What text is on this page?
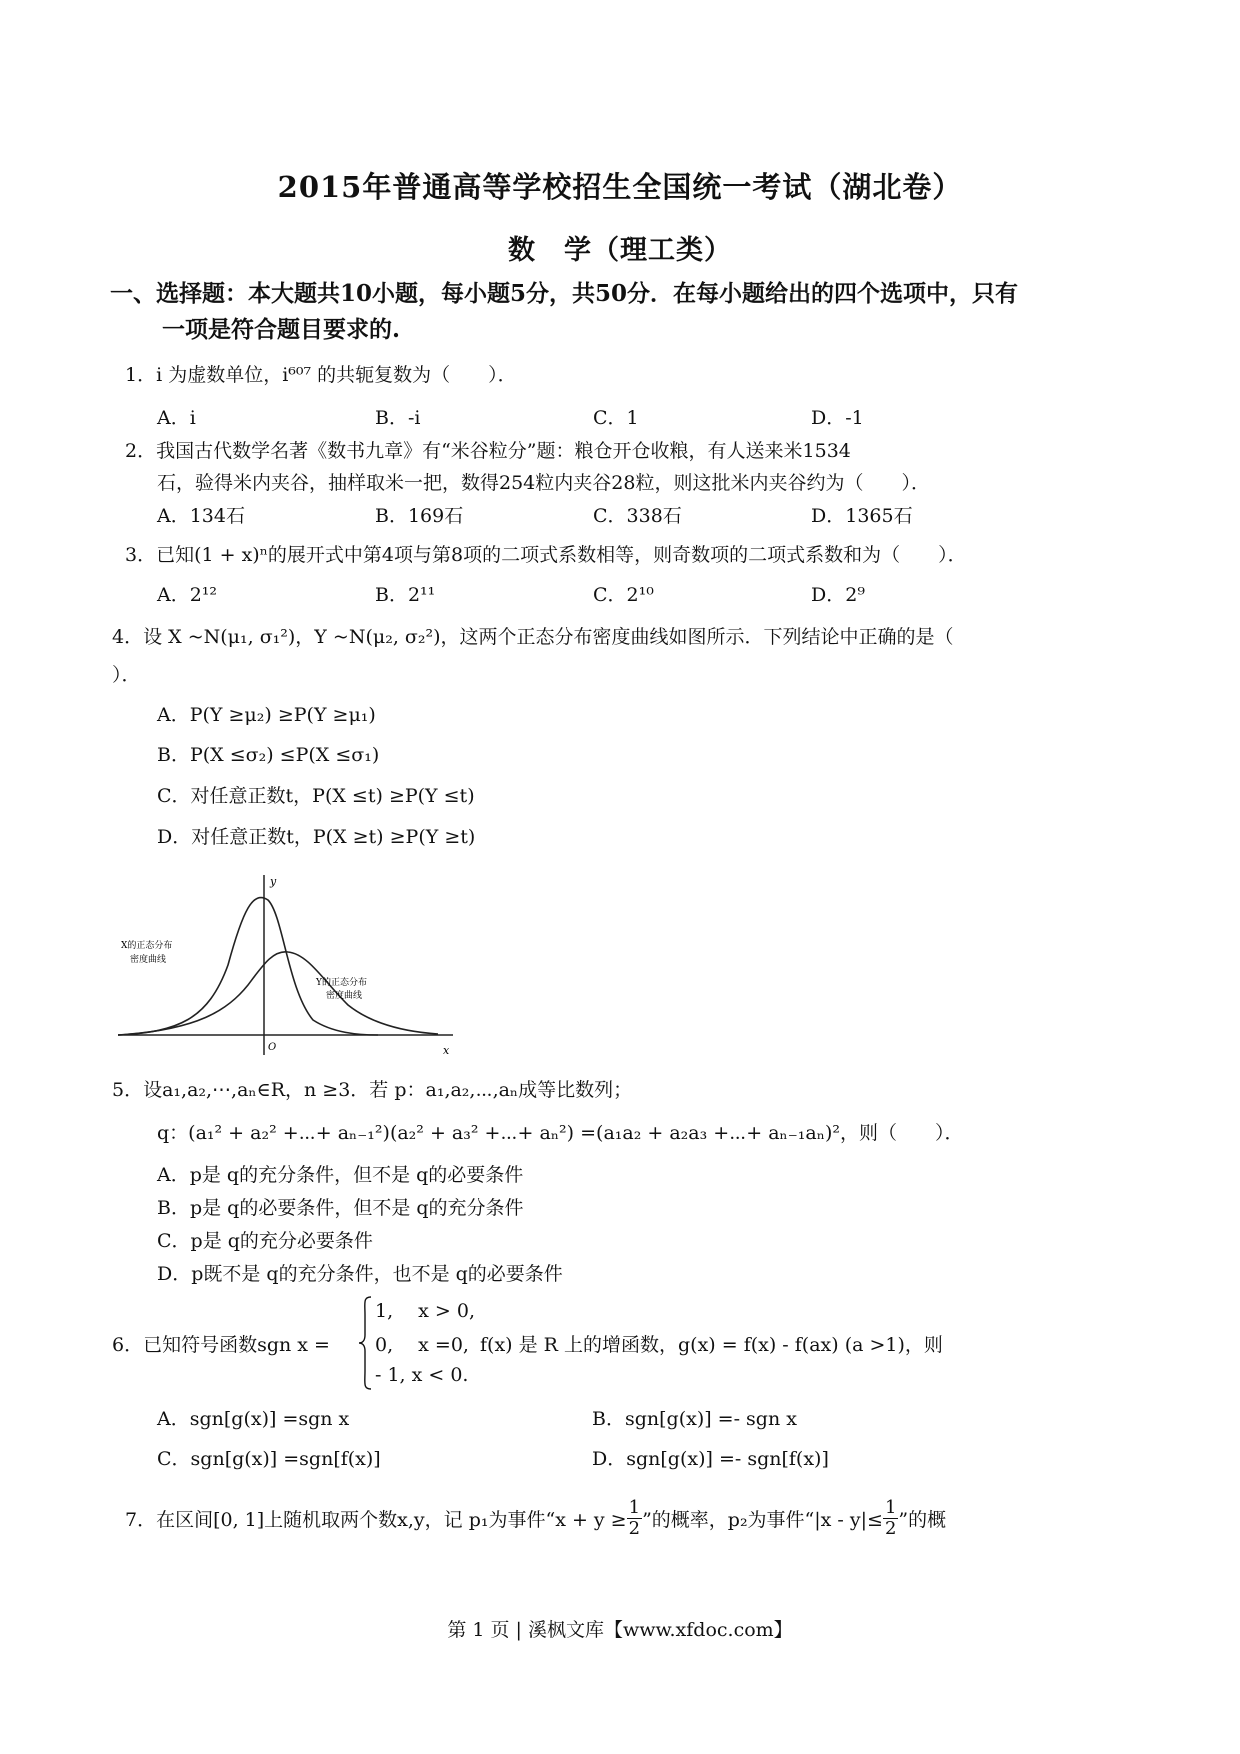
2015年普通高等学校招生全国统一考试（湖北卷）
数　学（理工类）
一、选择题：本大题共10小题，每小题5分，共50分．在每小题给出的四个选项中，只有
一项是符合题目要求的.
1．i 为虚数单位，i⁶⁰⁷ 的共轭复数为（　　）．
A．i	B．-i	C．1	D．-1
2．我国古代数学名著《数书九章》有“米谷粒分”题：粮仓开仓收粮，有人送来米1534
石，验得米内夹谷，抽样取米一把，数得254粒内夹谷28粒，则这批米内夹谷约为（　　）．
A．134石	B．169石	C．338石	D．1365石
3．已知(1 + x)ⁿ的展开式中第4项与第8项的二项式系数相等，则奇数项的二项式系数和为（　　）．
A．2¹²	B．2¹¹	C．2¹⁰	D．2⁹
4．设 X ~N(μ₁, σ₁²)，Y ~N(μ₂, σ₂²)，这两个正态分布密度曲线如图所示．下列结论中正确的是（
）．
A．P(Y ≥μ₂) ≥P(Y ≥μ₁)
B．P(X ≤σ₂) ≤P(X ≤σ₁)
C．对任意正数t，P(X ≤t) ≥P(Y ≤t)
D．对任意正数t，P(X ≥t) ≥P(Y ≥t)
y
x
O
X的正态分布
密度曲线
Y的正态分布
密度曲线
5．设a₁,a₂,⋯,aₙ∈R，n ≥3．若 p：a₁,a₂,⋯,aₙ成等比数列；
q：(a₁² + a₂² +⋯+ aₙ₋₁²)(a₂² + a₃² +⋯+ aₙ²) =(a₁a₂ + a₂a₃ +⋯+ aₙ₋₁aₙ)²，则（　　）．
A．p是 q的充分条件，但不是 q的必要条件
B．p是 q的必要条件，但不是 q的充分条件
C．p是 q的充分必要条件
D．p既不是 q的充分条件，也不是 q的必要条件
6．已知符号函数sgn x =
1,　 x > 0,
0,　 x =0,
- 1, x < 0.
f(x) 是 R 上的增函数，g(x) = f(x) - f(ax) (a >1)，则
A．sgn[g(x)] =sgn x	B．sgn[g(x)] =- sgn x
C．sgn[g(x)] =sgn[f(x)]	D．sgn[g(x)] =- sgn[f(x)]
7．在区间[0, 1]上随机取两个数x,y，记 p₁为事件“$x + y \ge \frac{1}{2}$ ”的概率，p₂为事件“$|x - y|\le \frac{1}{2}$ ”的概
第 1 页 | 溪枫文库【www.xfdoc.com】
